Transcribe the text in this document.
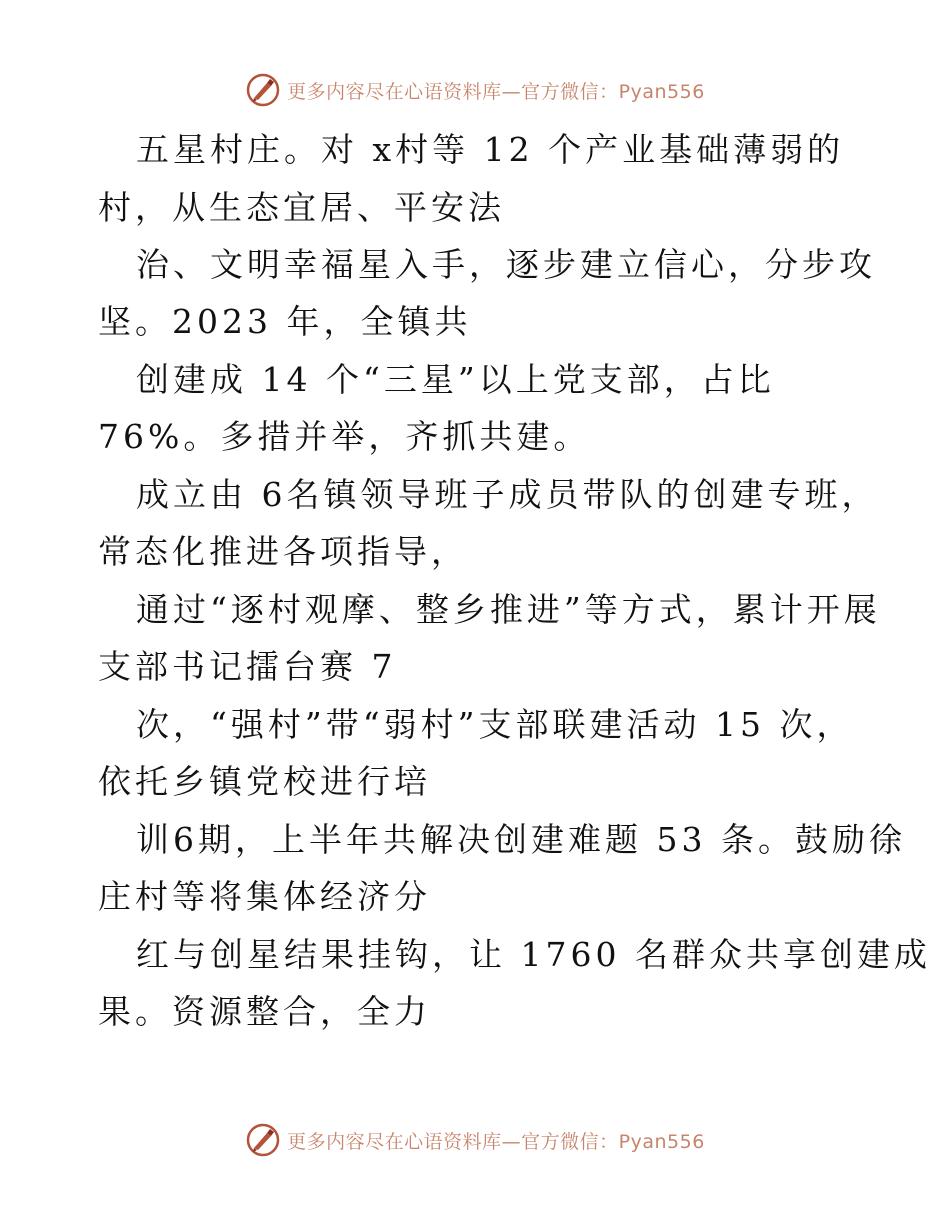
更多内容尽在心语资料库—官方微信：Pyan556
五星村庄。对 x村等 12 个产业基础薄弱的
村，从生态宜居、平安法
治、文明幸福星入手，逐步建立信心，分步攻
坚。2023 年，全镇共
创建成 14 个“三星”以上党支部，占比
76%。多措并举，齐抓共建。
成立由 6名镇领导班子成员带队的创建专班，
常态化推进各项指导，
通过“逐村观摩、整乡推进”等方式，累计开展
支部书记擂台赛 7
次，“强村”带“弱村”支部联建活动 15 次，
依托乡镇党校进行培
训6期，上半年共解决创建难题 53 条。鼓励徐
庄村等将集体经济分
红与创星结果挂钩，让 1760 名群众共享创建成
果。资源整合，全力
更多内容尽在心语资料库—官方微信：Pyan556
